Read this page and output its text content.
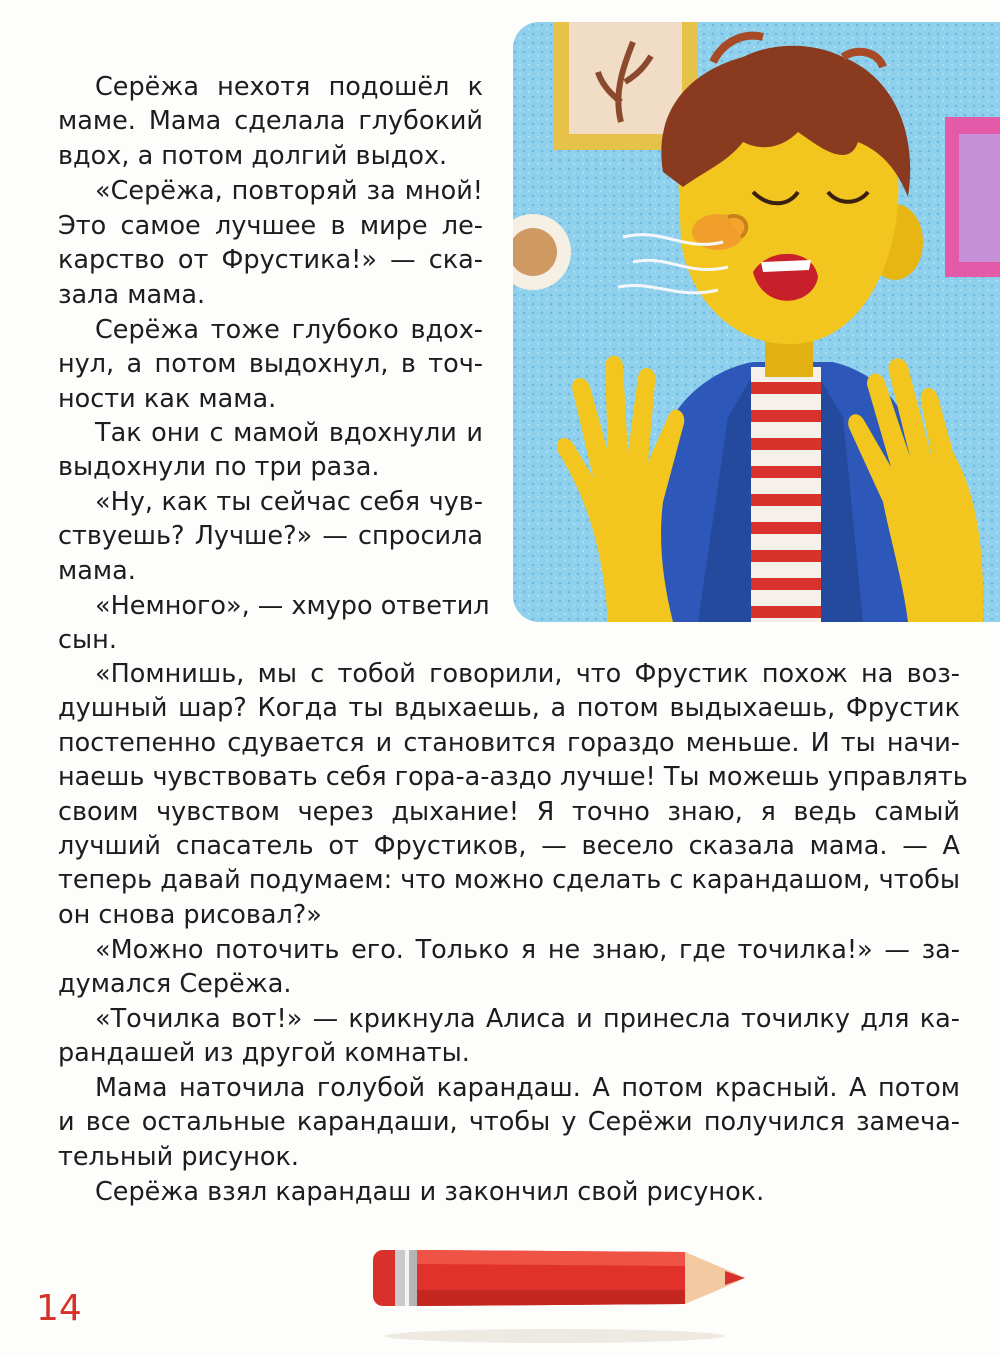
Серёжа нехотя подошёл к

маме. Мама сделала глубокий

вдох, а потом долгий выдох.

«Серёжа, повторяй за мной!

Это самое лучшее в мире ле-

карство от Фрустика!» — ска-

зала мама.

Серёжа тоже глубоко вдох-

нул, а потом выдохнул, в точ-

ности как мама.

Так они с мамой вдохнули и

выдохнули по три раза.

«Ну, как ты сейчас себя чув-

ствуешь? Лучше?» — спросила

мама.

«Немного», — хмуро ответил

сын.

«Помнишь, мы с тобой говорили, что Фрустик похож на воз-

душный шар? Когда ты вдыхаешь, а потом выдыхаешь, Фрустик

постепенно сдувается и становится гораздо меньше. И ты начи-

наешь чувствовать себя гора-а-аздо лучше! Ты можешь управлять

своим чувством через дыхание! Я точно знаю, я ведь самый

лучший спасатель от Фрустиков, — весело сказала мама. — А

теперь давай подумаем: что можно сделать с карандашом, чтобы

он снова рисовал?»

«Можно поточить его. Только я не знаю, где точилка!» — за-

думался Серёжа.

«Точилка вот!» — крикнула Алиса и принесла точилку для ка-

рандашей из другой комнаты.

Мама наточила голубой карандаш. А потом красный. А потом

и все остальные карандаши, чтобы у Серёжи получился замеча-

тельный рисунок.

Серёжа взял карандаш и закончил свой рисунок.

14
